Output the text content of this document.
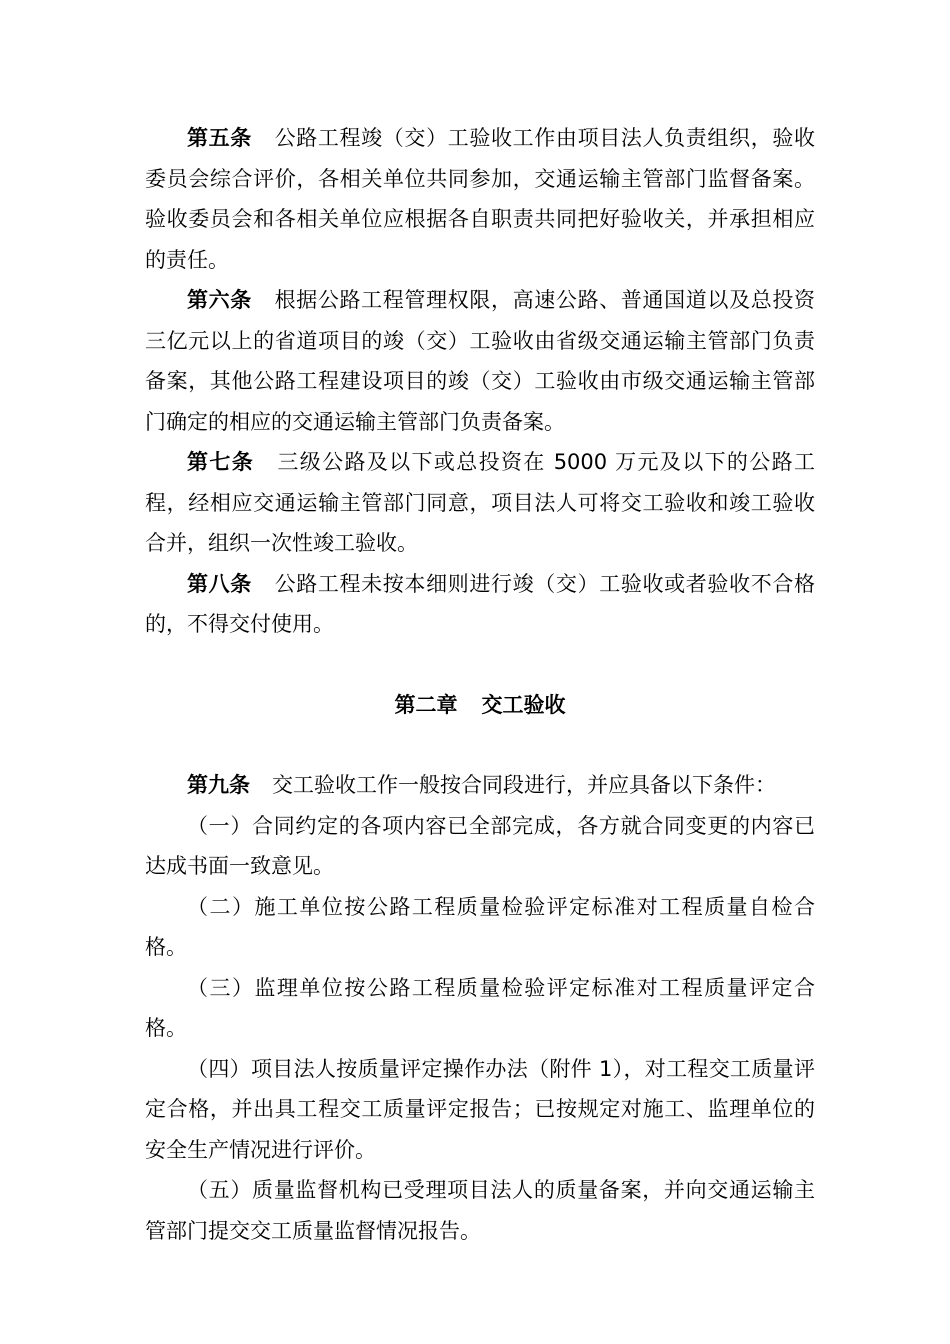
第五条 公路工程竣（交）工验收工作由项目法人负责组织，验收委员会综合评价，各相关单位共同参加，交通运输主管部门监督备案。验收委员会和各相关单位应根据各自职责共同把好验收关，并承担相应的责任。

第六条 根据公路工程管理权限，高速公路、普通国道以及总投资三亿元以上的省道项目的竣（交）工验收由省级交通运输主管部门负责备案，其他公路工程建设项目的竣（交）工验收由市级交通运输主管部门确定的相应的交通运输主管部门负责备案。

第七条 三级公路及以下或总投资在 5000 万元及以下的公路工程，经相应交通运输主管部门同意，项目法人可将交工验收和竣工验收合并，组织一次性竣工验收。

第八条 公路工程未按本细则进行竣（交）工验收或者验收不合格的，不得交付使用。

第二章 交工验收

第九条 交工验收工作一般按合同段进行，并应具备以下条件：

（一）合同约定的各项内容已全部完成，各方就合同变更的内容已达成书面一致意见。

（二）施工单位按公路工程质量检验评定标准对工程质量自检合格。

（三）监理单位按公路工程质量检验评定标准对工程质量评定合格。

（四）项目法人按质量评定操作办法（附件 1），对工程交工质量评定合格，并出具工程交工质量评定报告；已按规定对施工、监理单位的安全生产情况进行评价。

（五）质量监督机构已受理项目法人的质量备案，并向交通运输主管部门提交交工质量监督情况报告。
